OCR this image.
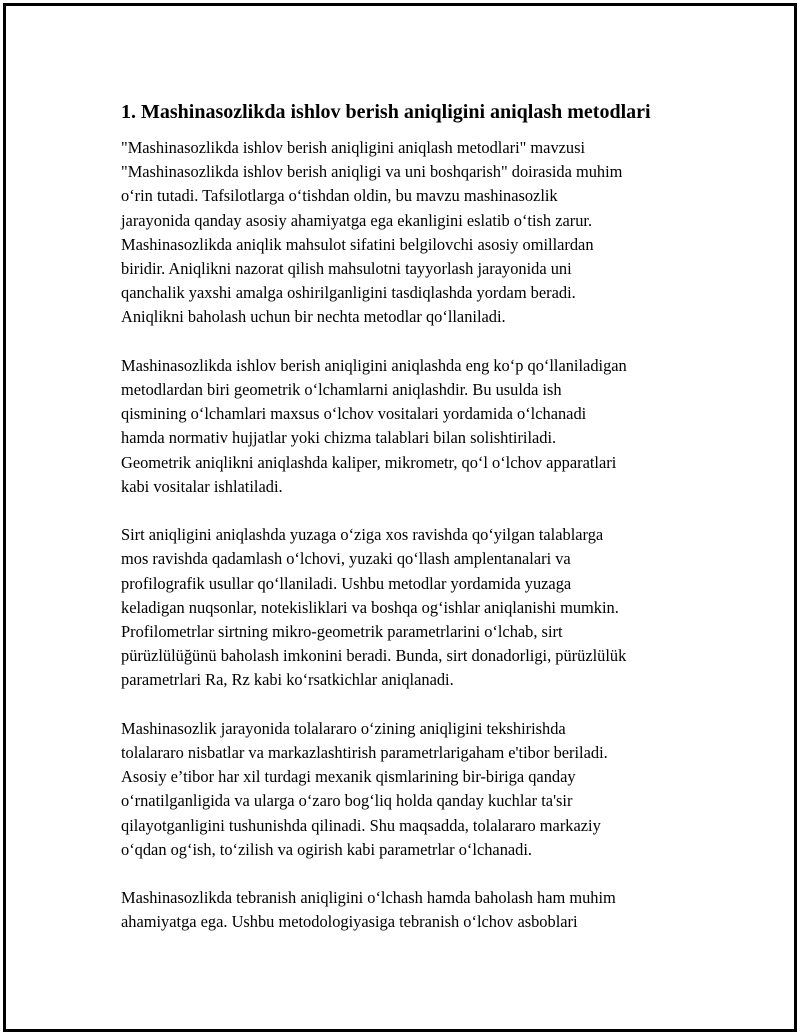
1. Mashinasozlikda ishlov berish aniqligini aniqlash metodlari
"Mashinasozlikda ishlov berish aniqligini aniqlash metodlari" mavzusi
"Mashinasozlikda ishlov berish aniqligi va uni boshqarish" doirasida muhim
o‘rin tutadi. Tafsilotlarga o‘tishdan oldin, bu mavzu mashinasozlik
jarayonida qanday asosiy ahamiyatga ega ekanligini eslatib o‘tish zarur.
Mashinasozlikda aniqlik mahsulot sifatini belgilovchi asosiy omillardan
biridir. Aniqlikni nazorat qilish mahsulotni tayyorlash jarayonida uni
qanchalik yaxshi amalga oshirilganligini tasdiqlashda yordam beradi.
Aniqlikni baholash uchun bir nechta metodlar qo‘llaniladi.
Mashinasozlikda ishlov berish aniqligini aniqlashda eng ko‘p qo‘llaniladigan
metodlardan biri geometrik o‘lchamlarni aniqlashdir. Bu usulda ish
qismining o‘lchamlari maxsus o‘lchov vositalari yordamida o‘lchanadi
hamda normativ hujjatlar yoki chizma talablari bilan solishtiriladi.
Geometrik aniqlikni aniqlashda kaliper, mikrometr, qo‘l o‘lchov apparatlari
kabi vositalar ishlatiladi.
Sirt aniqligini aniqlashda yuzaga o‘ziga xos ravishda qo‘yilgan talablarga
mos ravishda qadamlash o‘lchovi, yuzaki qo‘llash amplentanalari va
profilografik usullar qo‘llaniladi. Ushbu metodlar yordamida yuzaga
keladigan nuqsonlar, notekisliklari va boshqa og‘ishlar aniqlanishi mumkin.
Profilometrlar sirtning mikro-geometrik parametrlarini o‘lchab, sirt
pürüzlülüğünü baholash imkonini beradi. Bunda, sirt donadorligi, pürüzlülük
parametrlari Ra, Rz kabi ko‘rsatkichlar aniqlanadi.
Mashinasozlik jarayonida tolalararo o‘zining aniqligini tekshirishda
tolalararo nisbatlar va markazlashtirish parametrlarigaham e'tibor beriladi.
Asosiy e’tibor har xil turdagi mexanik qismlarining bir-biriga qanday
o‘rnatilganligida va ularga o‘zaro bog‘liq holda qanday kuchlar ta'sir
qilayotganligini tushunishda qilinadi. Shu maqsadda, tolalararo markaziy
o‘qdan og‘ish, to‘zilish va ogirish kabi parametrlar o‘lchanadi.
Mashinasozlikda tebranish aniqligini o‘lchash hamda baholash ham muhim
ahamiyatga ega. Ushbu metodologiyasiga tebranish o‘lchov asboblari
